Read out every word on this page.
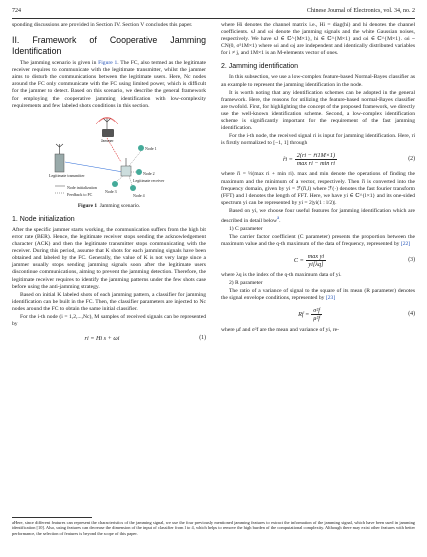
724	Chinese Journal of Electronics, vol. 34, no. 2

sponding discussions are provided in Section IV. Section V concludes this paper.

II. Framework of Cooperative Jamming Identification

The jamming scenario is given in Figure 1. The FC, also termed as the legitimate receiver requires to communicate with the legitimate transmitter, whilst the jammer aims to disturb the communications between the legitimate users. Here, Nc nodes around the FC only communicate with the FC using limited power, which is difficult for the jammer to detect. Based on this scenario, we describe the general framework for employing the cooperative jamming identification with low-complexity requirements and few labeled shots conditions in this section.

Jammer
Legitimate transmitter
Node 1
Node 2
Node 3
Node 4
Legitimate receiver
Node initialization
Feedback to FC
Figure 1 Jamming scenario.
1. Node initialization

After the specific jammer starts working, the communication suffers from the high bit error rate (BER). Hence, the legitimate receiver stops sending the acknowledgement character (ACK) and then the legitimate transmitter stops communicating with the receiver. During this period, assume that K shots for each jamming signals have been obtained and labeled by the FC. Generally, the value of K is not very large since a jammer usually stops sending jamming signals soon after the legitimate users discontinue communications, aiming to prevent the jamming detection. Therefore, the legitimate receiver requires to identify the jamming patterns under the few shots case before using the anti-jamming strategy.

Based on initial K labeled shots of each jamming pattern, a classifier for jamming identification can be built in the FC. Then, the classifier parameters are injected to Nc nodes around the FC to obtain the same initial classifier.

For the i-th node (i = 1,2,...,Nc), M samples of received signals can be represented by

ri = Hi s + ωi	(1)

where Hi denotes the channel matrix i.e., Hi = diag(hi) and hi denotes the channel coefficients. sJ and ωi denote the jamming signals and the white Gaussian noises, respectively. We have sJ ∈ ℂ^{M×1}, hi ∈ ℂ^{M×1} and ωi ∈ ℂ^{M×1}. ωi ~ CN(0, σ²1M×1) where ωi and ωj are independent and identically distributed variables for i ≠ j, and 1M×1 is an M-elements vector of ones.

2. Jamming identification

In this subsection, we use a low-complex feature-based Normal-Bayes classifier as an example to represent the jamming identification in the node.

It is worth noting that any identification schemes can be adopted in the general framework. Here, the reasons for utilizing the feature-based normal-Bayes classifier are twofold. First, for highlighting the concept of the proposed framework, we directly use the well-known identification scheme. Second, a low-complex identification scheme is significantly important for the requirement of the fast jamming identification.

For the i-th node, the received signal ri is input for jamming identification. Here, ri is firstly normalized to [−1, 1] through

r̃i = $\frac{2(ri - r̄i1M\times 1)}{\text{max ri − min ri}}$	(2)

where r̄i = ½(max ri + min ri). max and min denote the operations of finding the maximum and the minimum of a vector, respectively. Then r̃i is converted into the frequency domain, given by yi = ℱ(r̃i,l) where ℱ(·) denotes the fast fourier transform (FFT) and l denotes the length of FFT. Here, we have yi ∈ ℂ^{l×1} and its one-sided spectrum yi can be represented by yi = 2|yi(1 : l/2)|.

Based on yi, we choose four useful features for jamming identification which are described in detail below$^a$.

1) C parameter

The carrier factor coefficient (C parameter) presents the proportion between the maximum value and the q-th maximum of the data of frequency, represented by [22]

$C = \frac{\text{max yi}}{yi[\lambda q]}$	(3)

where λq is the index of the q-th maximum data of yi.

2) R parameter

The ratio of a variance of signal to the square of its mean (R parameter) denotes the signal envelope conditions, represented by [23]

$Rf = \frac{\text{σ²f}}{\text{μ²f}}$	(4)

where μf and σ²f are the mean and variance of yi, re-

aHere, since different features can represent the characteristics of the jamming signal, we use the four previously mentioned jamming features to extract the information of the jamming signal, which have been used in jamming identification [10]. Also, using features can decrease the dimension of the input of classifier from l to 4, which helps to remove the high burden of the computational complexity. Although there may exist other features with better performance, the selection of features is beyond the scope of this paper.
